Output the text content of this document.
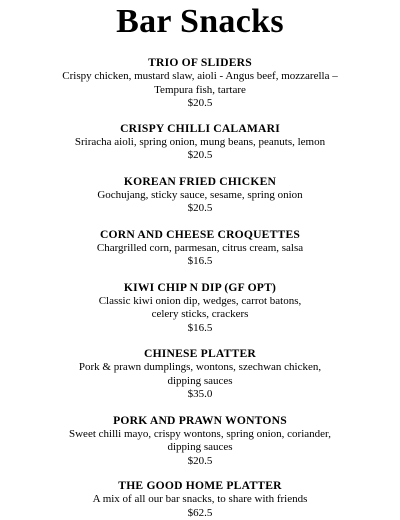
Bar Snacks

TRIO OF SLIDERS

Crispy chicken, mustard slaw, aioli - Angus beef, mozzarella –

Tempura fish, tartare

$20.5

CRISPY CHILLI CALAMARI

Sriracha aioli, spring onion, mung beans, peanuts, lemon

$20.5

KOREAN FRIED CHICKEN

Gochujang, sticky sauce, sesame, spring onion

$20.5

CORN AND CHEESE CROQUETTES

Chargrilled corn, parmesan, citrus cream, salsa

$16.5

KIWI CHIP N DIP (GF OPT)

Classic kiwi onion dip, wedges, carrot batons,

celery sticks, crackers

$16.5

CHINESE PLATTER

Pork & prawn dumplings, wontons, szechwan chicken,

dipping sauces

$35.0

PORK AND PRAWN WONTONS

Sweet chilli mayo, crispy wontons, spring onion, coriander,

dipping sauces

$20.5

THE GOOD HOME PLATTER

A mix of all our bar snacks, to share with friends

$62.5
